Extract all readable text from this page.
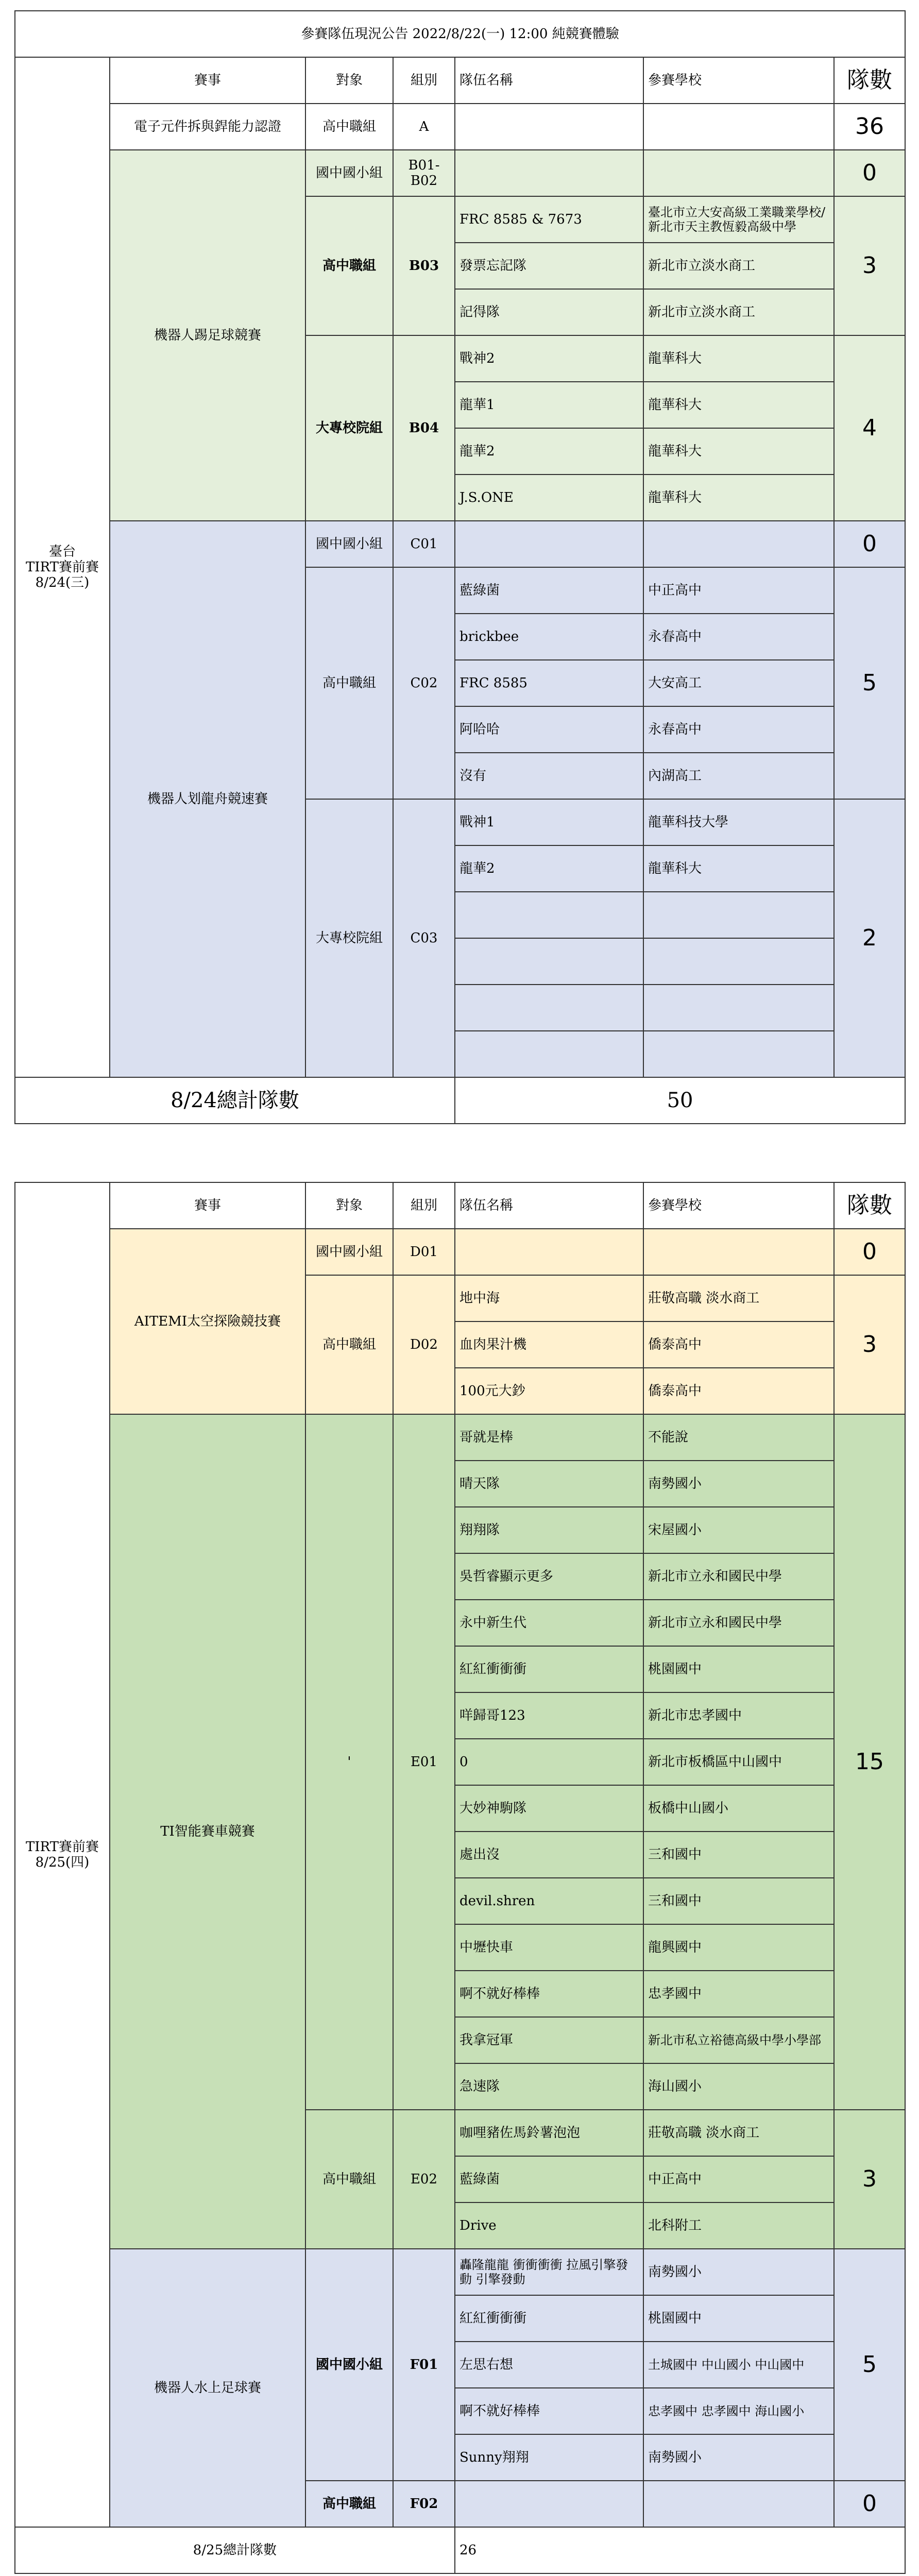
參賽隊伍現況公告 2022/8/22(一) 12:00 純競賽體驗						

臺台
TIRT賽前賽
8/24(三)	賽事	對象	組別	隊伍名稱	參賽學校	隊數
	電子元件拆與銲能力認證	高中職組	A			36
	機器人踢足球競賽	國中國小組	B01-B02			0
		高中職組	B03	FRC 8585 & 7673	臺北市立大安高級工業職業學校/新北市天主教恆毅高級中學	3
				發票忘記隊	新北市立淡水商工	
				記得隊	新北市立淡水商工	
		大專校院組	B04	戰神2	龍華科大	4
				龍華1	龍華科大	
				龍華2	龍華科大	
				J.S.ONE	龍華科大	
	機器人划龍舟競速賽	國中國小組	C01			0
		高中職組	C02	藍綠菌	中正高中	5
				brickbee	永春高中	
				FRC 8585	大安高工	
				阿哈哈	永春高中	
				沒有	內湖高工	
		大專校院組	C03	戰神1	龍華科技大學	2
				龍華2	龍華科大	

8/24總計隊數				50		
TIRT賽前賽
8/25(四)	賽事	對象	組別	隊伍名稱	參賽學校	隊數
	AITEMI太空探險競技賽	國中國小組	D01			0
		高中職組	D02	地中海	莊敬高職 淡水商工	3
				血肉果汁機	僑泰高中	
				100元大鈔	僑泰高中	
	TI智能賽車競賽	'	E01	哥就是棒	不能說	15
				晴天隊	南勢國小	
				翔翔隊	宋屋國小	
				吳哲睿顯示更多	新北市立永和國民中學	
				永中新生代	新北市立永和國民中學	
				紅紅衝衝衝	桃園國中	
				咩歸哥123	新北市忠孝國中	
				0	新北市板橋區中山國中	
				大妙神駒隊	板橋中山國小	
				處出沒	三和國中	
				devil.shren	三和國中	
				中壢快車	龍興國中	
				啊不就好棒棒	忠孝國中	
				我拿冠軍	新北市私立裕德高級中學小學部	
				急速隊	海山國小	
		高中職組	E02	咖哩豬佐馬鈴薯泡泡	莊敬高職 淡水商工	3
				藍綠菌	中正高中	
				Drive	北科附工	
	機器人水上足球賽	國中國小組	F01	轟隆龍龍 衝衝衝衝 拉風引擎發動 引擎發動	南勢國小	5
				紅紅衝衝衝	桃園國中	
				左思右想	土城國中 中山國小 中山國中	
				啊不就好棒棒	忠孝國中 忠孝國中 海山國小	
				Sunny翔翔	南勢國小	
		高中職組	F02			0
8/25總計隊數				26		
